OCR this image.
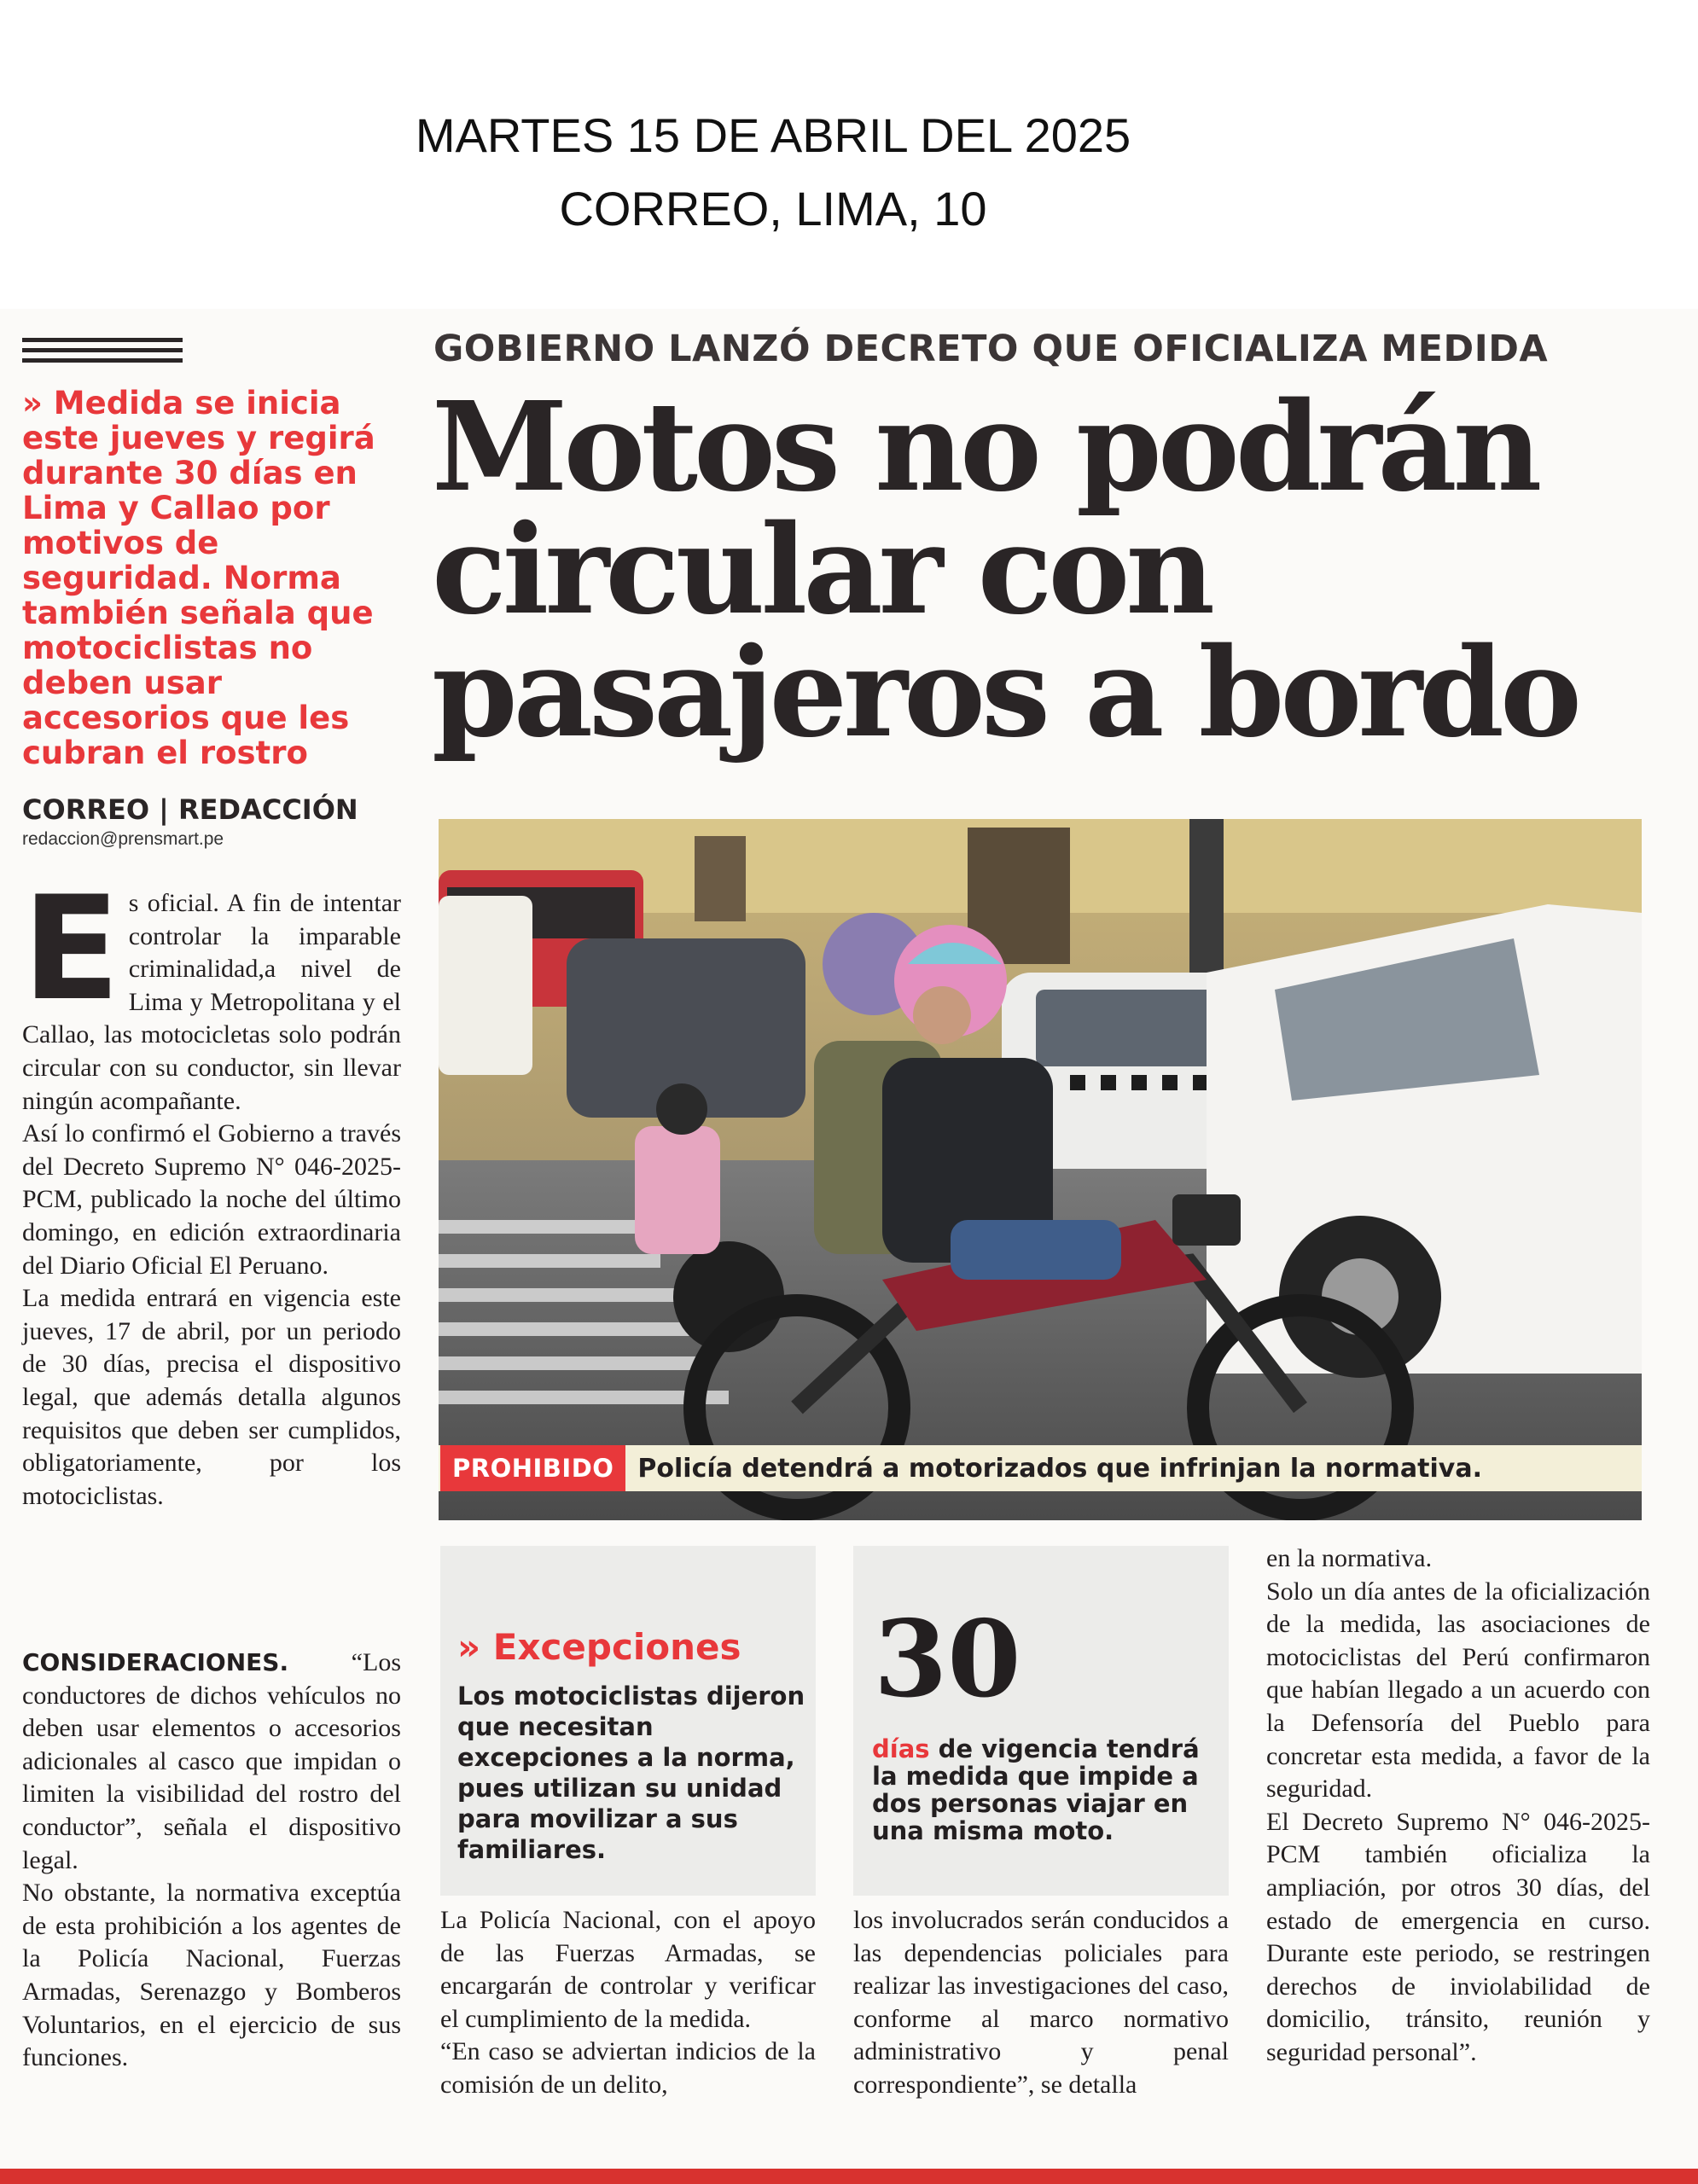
MARTES 15 DE ABRIL DEL 2025
CORREO, LIMA, 10
GOBIERNO LANZÓ DECRETO QUE OFICIALIZA MEDIDA
Motos no podrán
circular con
pasajeros a bordo
» Medida se inicia este jueves y regirá durante 30 días en Lima y Callao por motivos de seguridad. Norma también señala que motociclistas no deben usar accesorios que les cubran el rostro
CORREO | REDACCIÓN
redaccion@prensmart.pe
E s oficial. A fin de intentar controlar la imparable criminalidad,a nivel de Lima y Metropolitana y el Callao, las motocicletas solo podrán circular con su conductor, sin llevar ningún acompañante.

Así lo confirmó el Gobierno a través del Decreto Supremo N° 046-2025-PCM, publicado la noche del último domingo, en edición extraordinaria del Diario Oficial El Peruano.

La medida entrará en vigencia este jueves, 17 de abril, por un periodo de 30 días, precisa el dispositivo legal, que además detalla algunos requisitos que deben ser cumplidos, obligatoriamente, por los motociclistas.

CONSIDERACIONES. “Los conductores de dichos vehículos no deben usar elementos o accesorios adicionales al casco que impidan o limiten la visibilidad del rostro del conductor”, señala el dispositivo legal.

No obstante, la normativa exceptúa de esta prohibición a los agentes de la Policía Nacional, Fuerzas Armadas, Serenazgo y Bomberos Voluntarios, en el ejercicio de sus funciones.

PROHIBIDO Policía detendrá a motorizados que infrinjan la normativa.
» Excepciones
Los motociclistas dijeron que necesitan excepciones a la norma, pues utilizan su unidad para movilizar a sus familiares.
30
días de vigencia tendrá la medida que impide a dos personas viajar en una misma moto.

La Policía Nacional, con el apoyo de las Fuerzas Armadas, se encargarán de controlar y verificar el cumplimiento de la medida.

“En caso se adviertan indicios de la comisión de un delito,

los involucrados serán conducidos a las dependencias policiales para realizar las investigaciones del caso, conforme al marco normativo administrativo y penal correspondiente”, se detalla

en la normativa.

Solo un día antes de la oficialización de la medida, las asociaciones de motociclistas del Perú confirmaron que habían llegado a un acuerdo con la Defensoría del Pueblo para concretar esta medida, a favor de la seguridad.

El Decreto Supremo N° 046-2025-PCM también oficializa la ampliación, por otros 30 días, del estado de emergencia en curso. Durante este periodo, se restringen derechos de inviolabilidad de domicilio, tránsito, reunión y seguridad personal”.
